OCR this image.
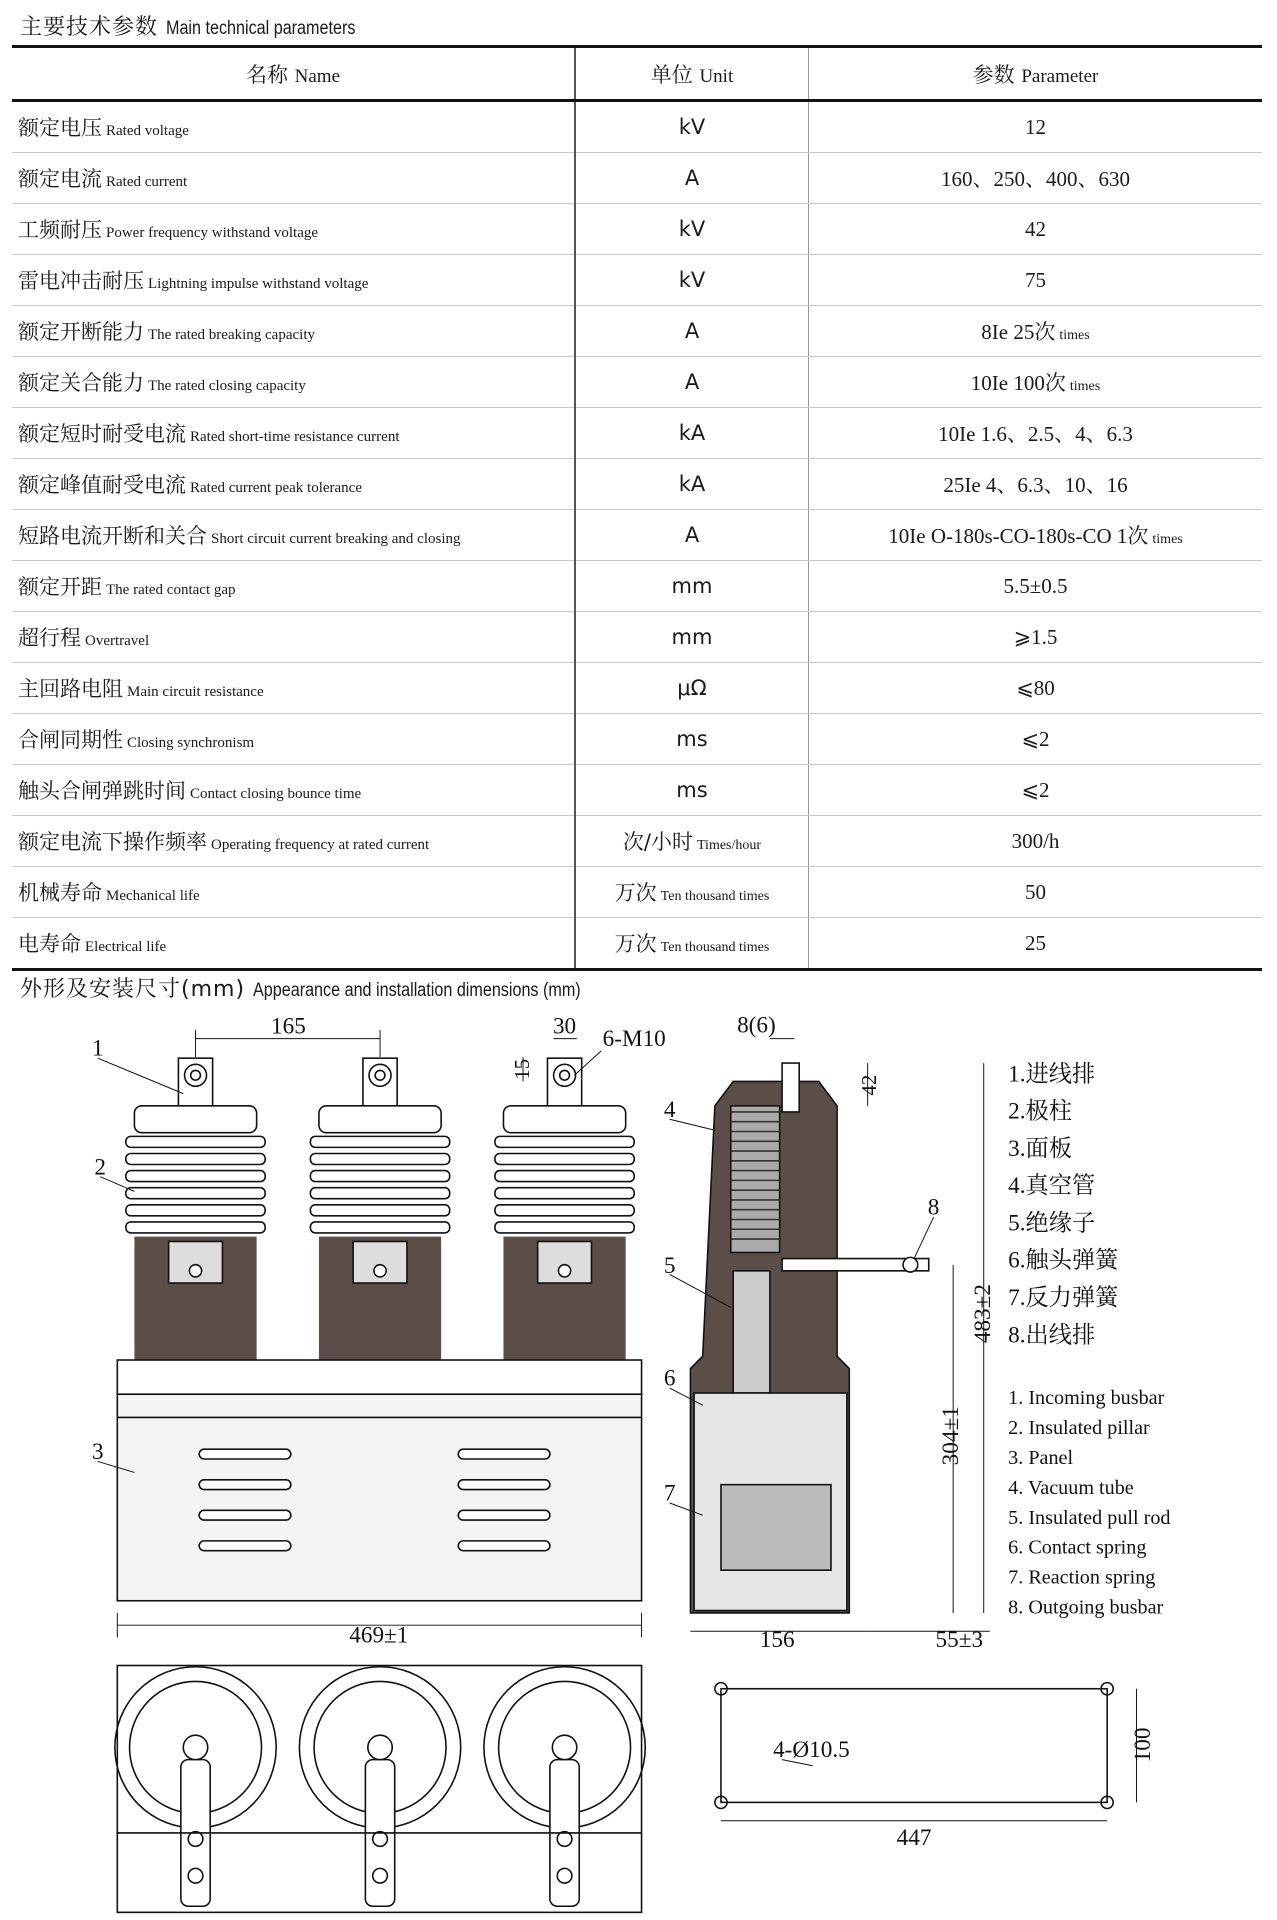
主要技术参数 Main technical parameters
名称 Name	单位 Unit	参数 Parameter
额定电压 Rated voltage	kV	12
额定电流 Rated current	A	160、250、400、630
工频耐压 Power frequency withstand voltage	kV	42
雷电冲击耐压 Lightning impulse withstand voltage	kV	75
额定开断能力 The rated breaking capacity	A	8Ie 25次 times
额定关合能力 The rated closing capacity	A	10Ie 100次 times
额定短时耐受电流 Rated short-time resistance current	kA	10Ie 1.6、2.5、4、6.3
额定峰值耐受电流 Rated current peak tolerance	kA	25Ie 4、6.3、10、16
短路电流开断和关合 Short circuit current breaking and closing	A	10Ie O-180s-CO-180s-CO 1次 times
额定开距 The rated contact gap	mm	5.5±0.5
超行程 Overtravel	mm	⩾1.5
主回路电阻 Main circuit resistance	μΩ	⩽80
合闸同期性 Closing synchronism	ms	⩽2
触头合闸弹跳时间 Contact closing bounce time	ms	⩽2
额定电流下操作频率 Operating frequency at rated current	次/小时 Times/hour	300/h
机械寿命 Mechanical life	万次 Ten thousand times	50
电寿命 Electrical life	万次 Ten thousand times	25
外形及安装尺寸(mm) Appearance and installation dimensions (mm)
165	30 6-M10
15
469±1
8(6)
42
483±2
304±1
156	55±3
4-Ø10.5	100
447
1
2
3
4
5
6
7
8
1.进线排
2.极柱
3.面板
4.真空管
5.绝缘子
6.触头弹簧
7.反力弹簧
8.出线排
1. Incoming busbar
2. Insulated pillar
3. Panel
4. Vacuum tube
5. Insulated pull rod
6. Contact spring
7. Reaction spring
8. Outgoing busbar
